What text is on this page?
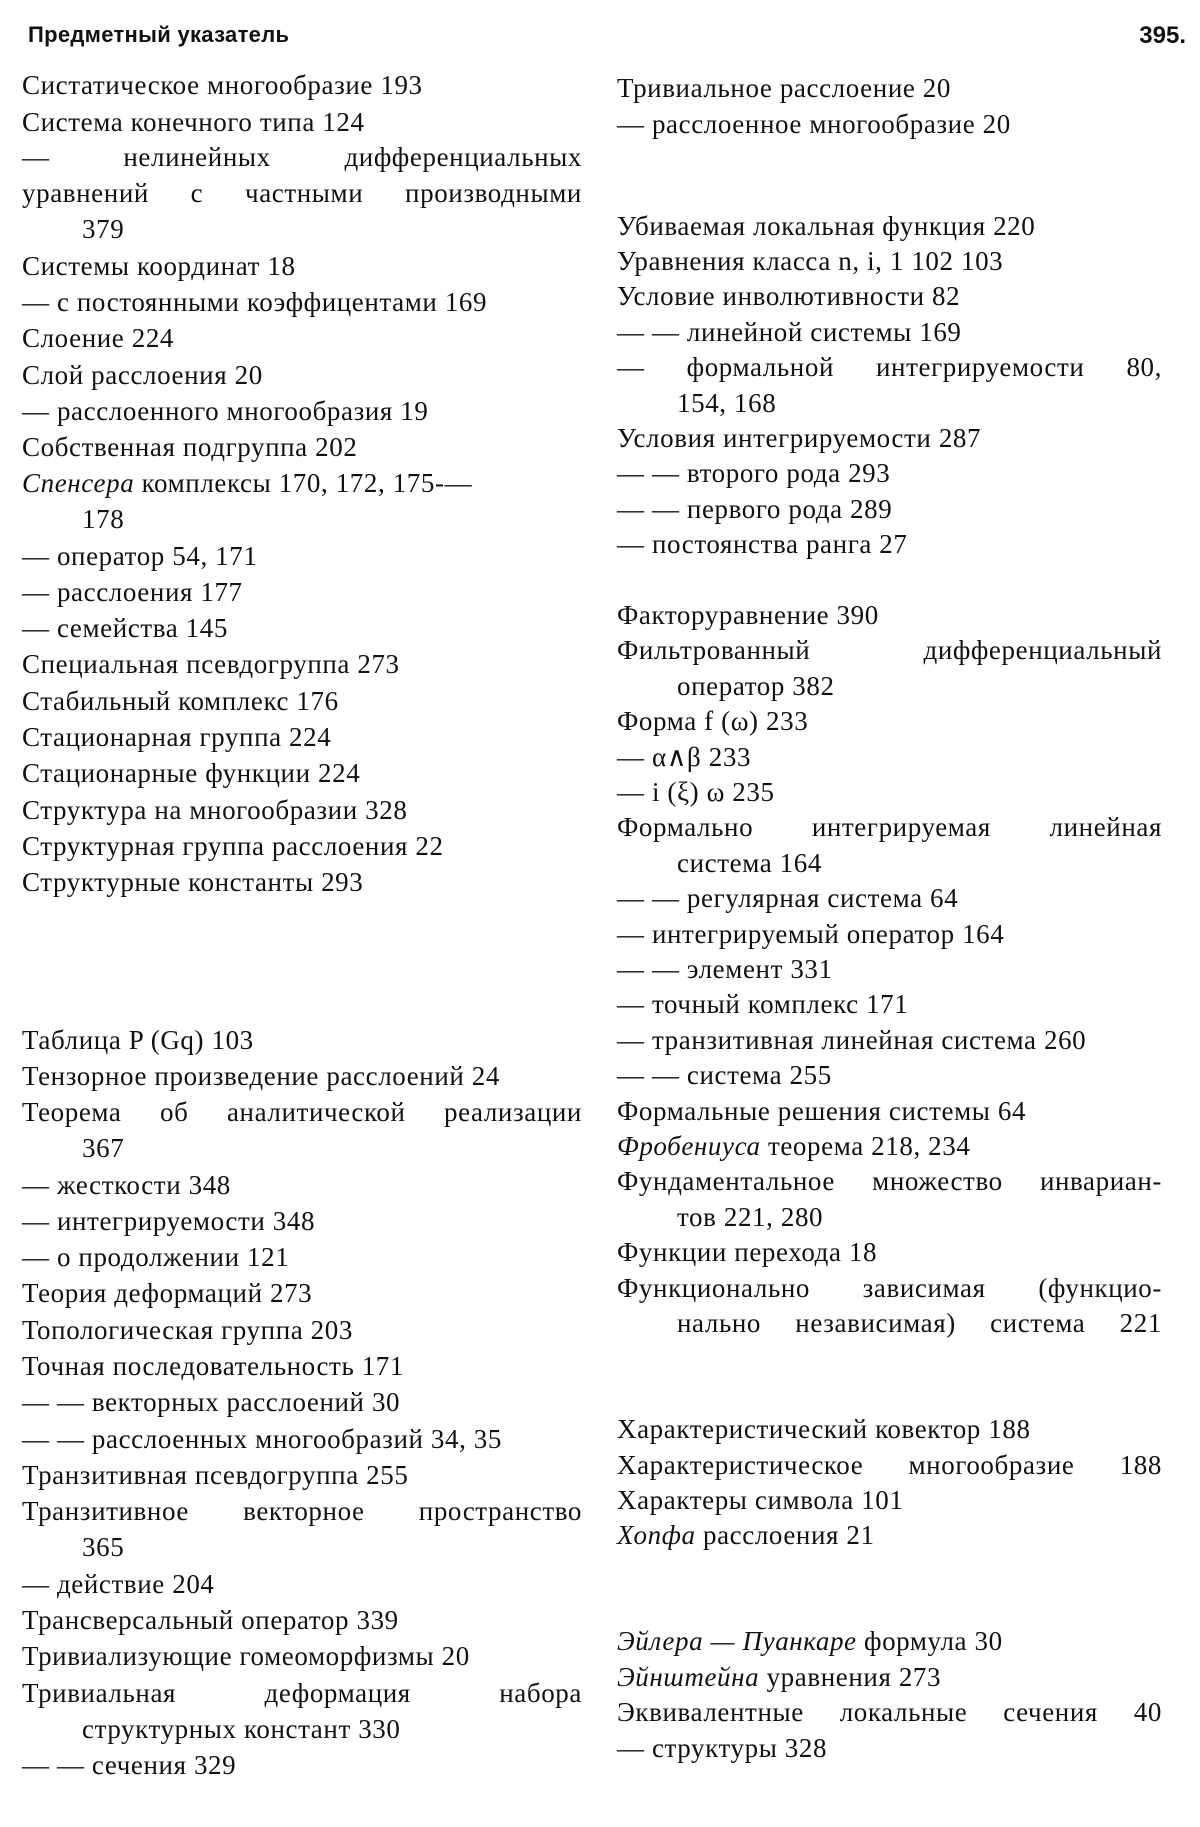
Предметный указатель	395.
Систатическое многообразие 193
Система конечного типа 124
—	нелинейных	дифференциальных
уравнений с частными производными
379
Системы координат 18
— с постоянными коэффицентами 169
Слоение 224
Слой расслоения 20
— расслоенного многообразия 19
Собственная подгруппа 202
Спенсера комплексы 170, 172, 175-—
178
— оператор 54, 171
— расслоения 177
— семейства 145
Специальная псевдогруппа 273
Стабильный комплекс 176
Стационарная группа 224
Стационарные функции 224
Структура на многообразии 328
Структурная группа расслоения 22
Структурные константы 293
Таблица P (Gq) 103
Тензорное произведение расслоений 24
Теорема об аналитической реализации
367
— жесткости 348
— интегрируемости 348
— о продолжении 121
Теория деформаций 273
Топологическая группа 203
Точная последовательность 171
— — векторных расслоений 30
— — расслоенных многообразий 34, 35
Транзитивная псевдогруппа 255
Транзитивное векторное пространство
365
— действие 204
Трансверсальный оператор 339
Тривиализующие гомеоморфизмы 20
Тривиальная	деформация	набора
структурных констант 330
— — сечения 329
Тривиальное расслоение 20
— расслоенное многообразие 20
Убиваемая локальная функция 220
Уравнения класса n, i, 1 102 103
Условие инволютивности 82
— — линейной системы 169
— формальной интегрируемости 80,
154, 168
Условия интегрируемости 287
— — второго рода 293
— — первого рода 289
— постоянства ранга 27
Факторуравнение 390
Фильтрованный	дифференциальный
оператор 382
Форма f (ω) 233
— α∧β 233
— i (ξ) ω 235
Формально интегрируемая линейная
система 164
— — регулярная система 64
— интегрируемый оператор 164
— — элемент 331
— точный комплекс 171
— транзитивная линейная система 260
— — система 255
Формальные решения системы 64
Фробениуса теорема 218, 234
Фундаментальное множество инвариан-
тов 221, 280
Функции перехода 18
Функционально зависимая (функцио-
нально независимая) система 221
Характеристический ковектор 188
Характеристическое многообразие 188
Характеры символа 101
Хопфа расслоения 21
Эйлера — Пуанкаре формула 30
Эйнштейна уравнения 273
Эквивалентные локальные сечения 40
— структуры 328
